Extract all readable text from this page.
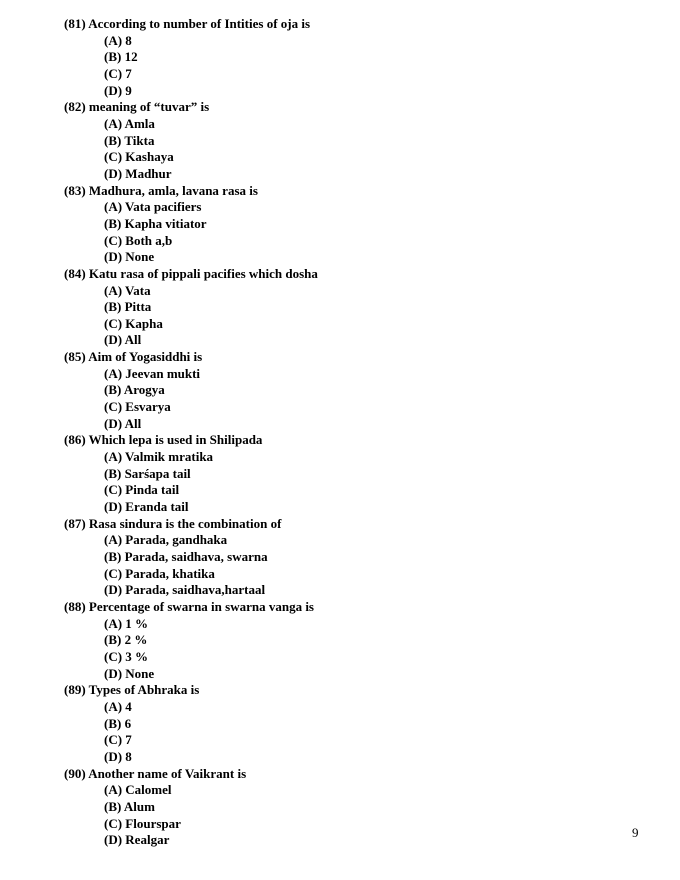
(81) According to number of Intities of oja is
(A) 8
(B) 12
(C) 7
(D) 9
(82) meaning of “tuvar” is
(A) Amla
(B) Tikta
(C) Kashaya
(D) Madhur
(83) Madhura, amla, lavana rasa is
(A) Vata pacifiers
(B) Kapha vitiator
(C) Both a,b
(D) None
(84) Katu rasa of pippali pacifies which dosha
(A) Vata
(B) Pitta
(C) Kapha
(D) All
(85) Aim of Yogasiddhi is
(A) Jeevan mukti
(B) Arogya
(C) Esvarya
(D) All
(86) Which lepa is used in Shilipada
(A) Valmik mratika
(B) Sarśapa tail
(C) Pinda tail
(D) Eranda tail
(87) Rasa sindura is the combination of
(A) Parada, gandhaka
(B) Parada, saidhava, swarna
(C) Parada, khatika
(D) Parada, saidhava,hartaal
(88) Percentage of swarna in swarna vanga is
(A) 1 %
(B) 2 %
(C) 3 %
(D) None
(89) Types of Abhraka is
(A) 4
(B) 6
(C) 7
(D) 8
(90) Another name of Vaikrant is
(A) Calomel
(B) Alum
(C) Flourspar
(D) Realgar	9
